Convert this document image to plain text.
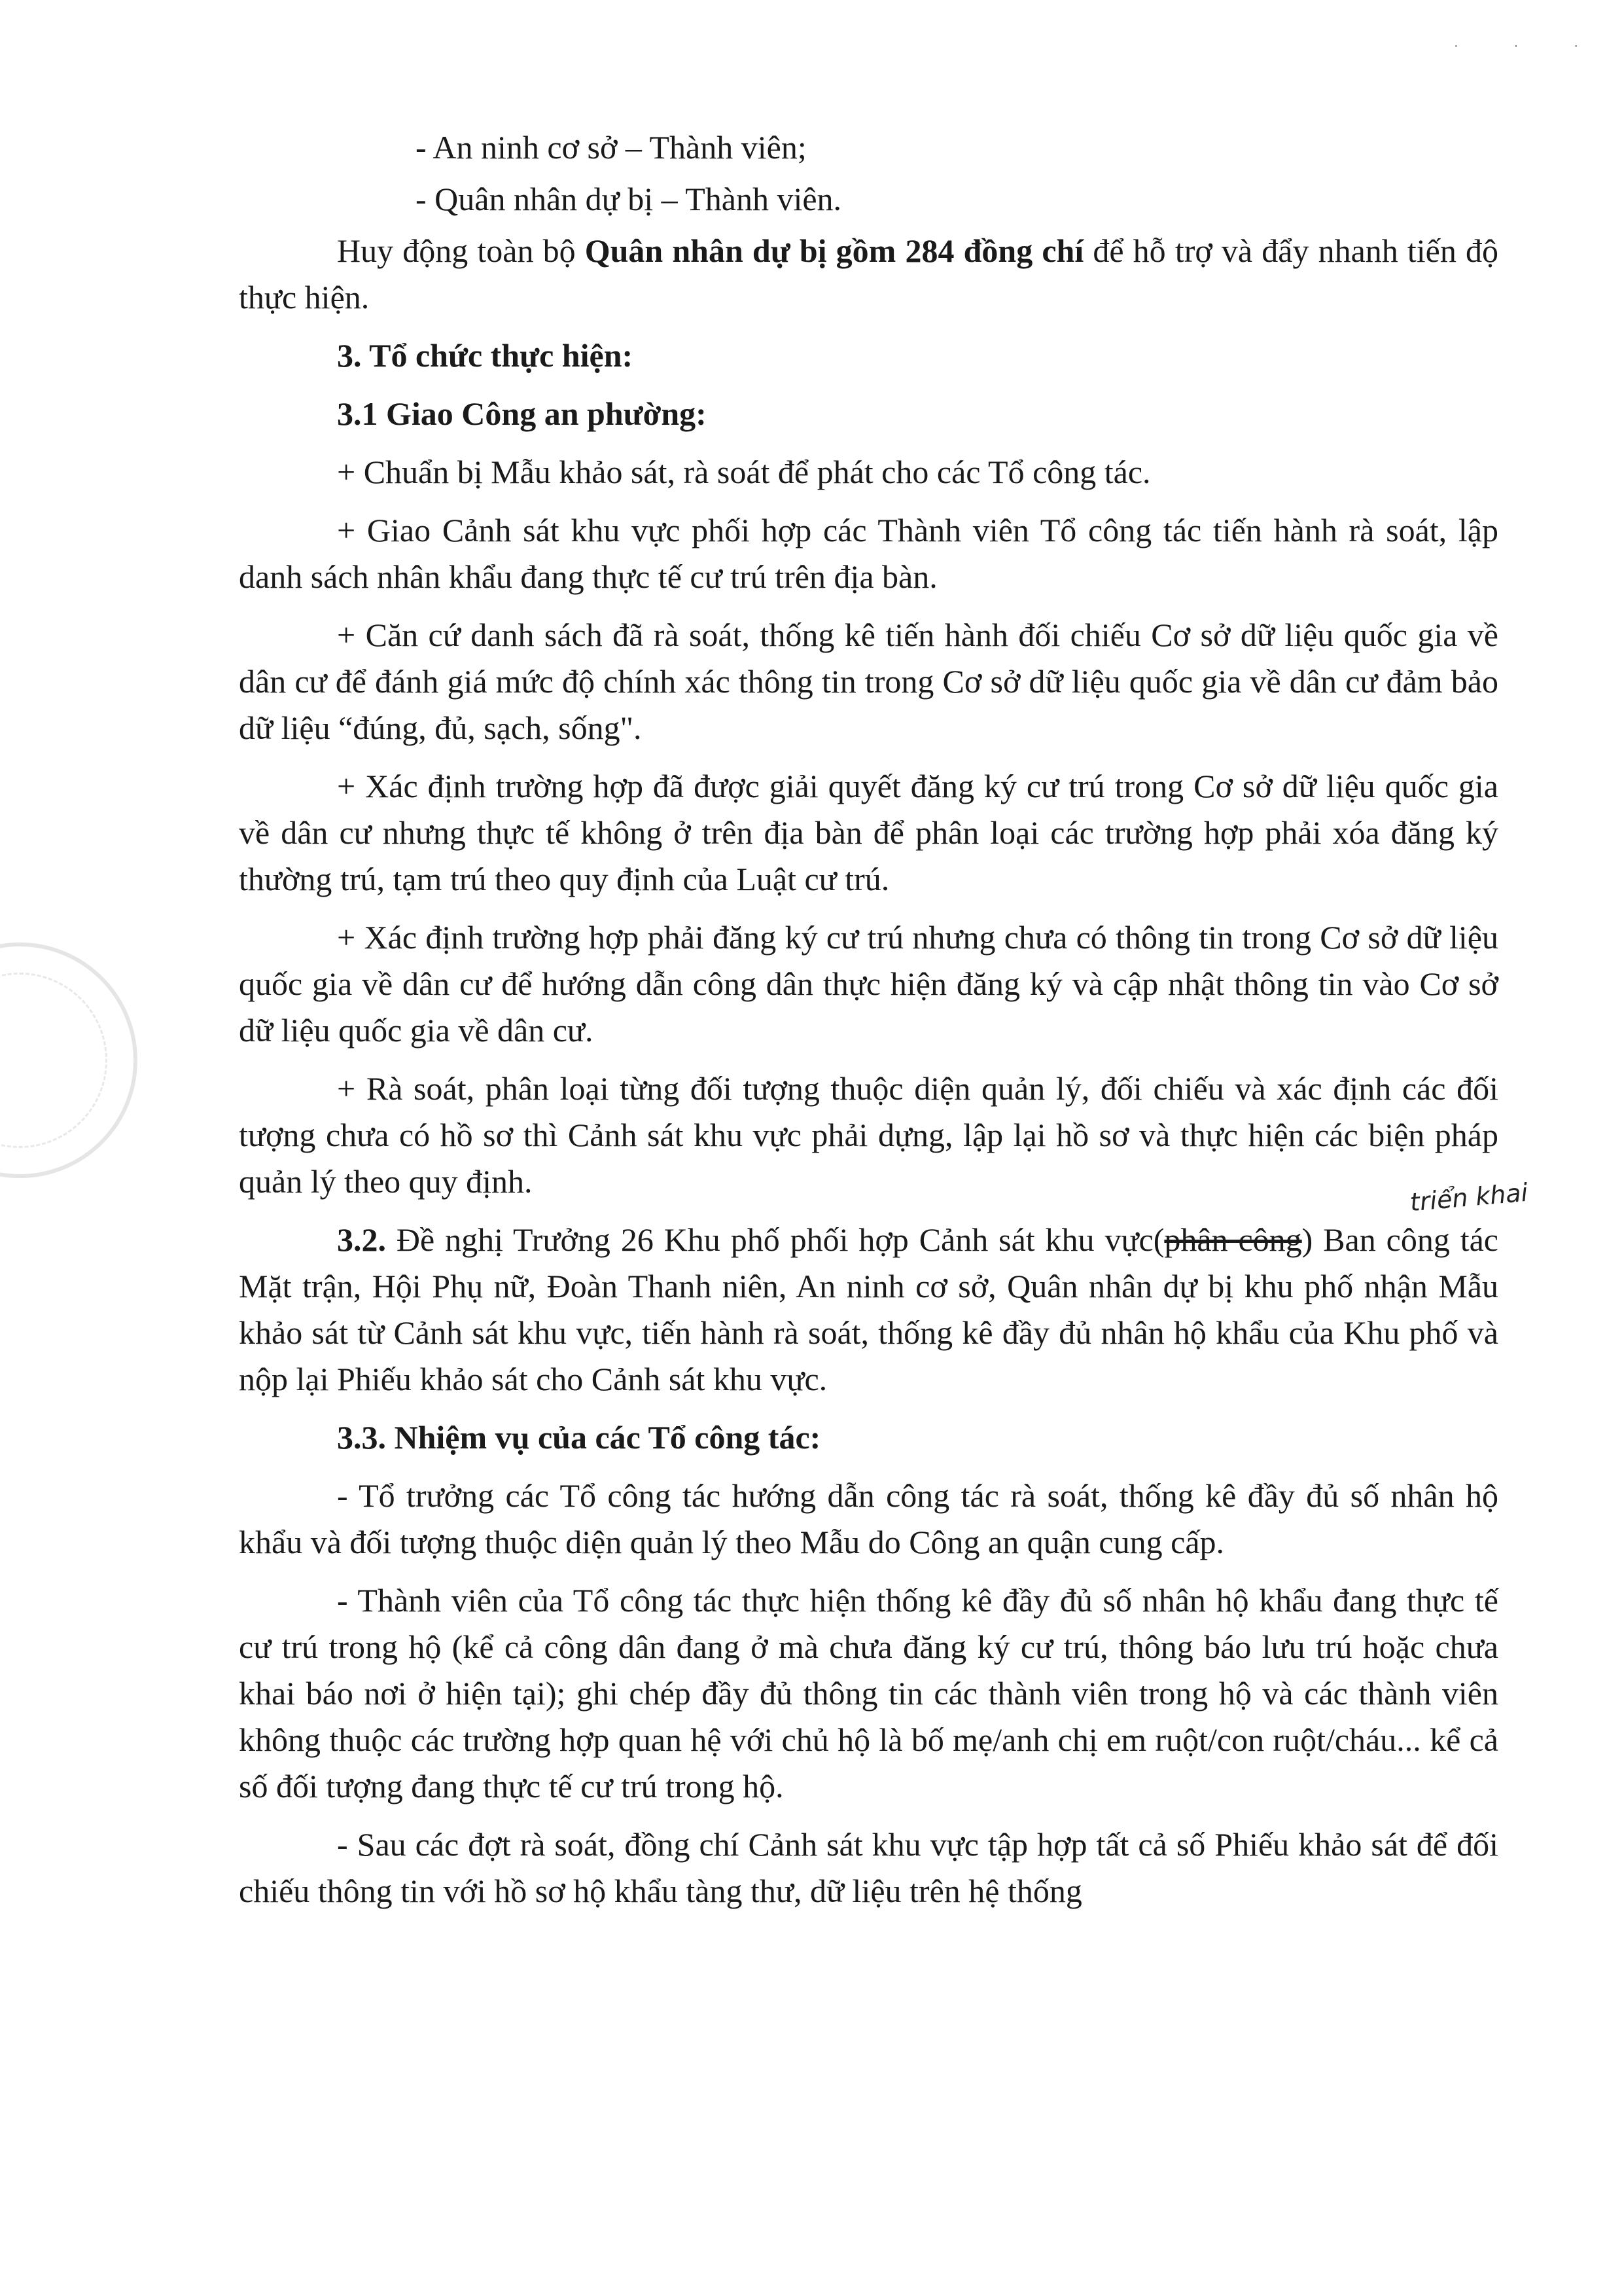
· · ·

- An ninh cơ sở – Thành viên;

- Quân nhân dự bị – Thành viên.

Huy động toàn bộ Quân nhân dự bị gồm 284 đồng chí để hỗ trợ và đẩy nhanh tiến độ thực hiện.

3. Tổ chức thực hiện:

3.1 Giao Công an phường:

+ Chuẩn bị Mẫu khảo sát, rà soát để phát cho các Tổ công tác.

+ Giao Cảnh sát khu vực phối hợp các Thành viên Tổ công tác tiến hành rà soát, lập danh sách nhân khẩu đang thực tế cư trú trên địa bàn.

+ Căn cứ danh sách đã rà soát, thống kê tiến hành đối chiếu Cơ sở dữ liệu quốc gia về dân cư để đánh giá mức độ chính xác thông tin trong Cơ sở dữ liệu quốc gia về dân cư đảm bảo dữ liệu “đúng, đủ, sạch, sống".

+ Xác định trường hợp đã được giải quyết đăng ký cư trú trong Cơ sở dữ liệu quốc gia về dân cư nhưng thực tế không ở trên địa bàn để phân loại các trường hợp phải xóa đăng ký thường trú, tạm trú theo quy định của Luật cư trú.

+ Xác định trường hợp phải đăng ký cư trú nhưng chưa có thông tin trong Cơ sở dữ liệu quốc gia về dân cư để hướng dẫn công dân thực hiện đăng ký và cập nhật thông tin vào Cơ sở dữ liệu quốc gia về dân cư.

+ Rà soát, phân loại từng đối tượng thuộc diện quản lý, đối chiếu và xác định các đối tượng chưa có hồ sơ thì Cảnh sát khu vực phải dựng, lập lại hồ sơ và thực hiện các biện pháp quản lý theo quy định.

3.2. Đề nghị Trưởng 26 Khu phố phối hợp Cảnh sát khu vực(phân công) Ban công tác Mặt trận, Hội Phụ nữ, Đoàn Thanh niên, An ninh cơ sở, Quân nhân dự bị khu phố nhận Mẫu khảo sát từ Cảnh sát khu vực, tiến hành rà soát, thống kê đầy đủ nhân hộ khẩu của Khu phố và nộp lại Phiếu khảo sát cho Cảnh sát khu vực.
triển khai

3.3. Nhiệm vụ của các Tổ công tác:

- Tổ trưởng các Tổ công tác hướng dẫn công tác rà soát, thống kê đầy đủ số nhân hộ khẩu và đối tượng thuộc diện quản lý theo Mẫu do Công an quận cung cấp.

- Thành viên của Tổ công tác thực hiện thống kê đầy đủ số nhân hộ khẩu đang thực tế cư trú trong hộ (kể cả công dân đang ở mà chưa đăng ký cư trú, thông báo lưu trú hoặc chưa khai báo nơi ở hiện tại); ghi chép đầy đủ thông tin các thành viên trong hộ và các thành viên không thuộc các trường hợp quan hệ với chủ hộ là bố mẹ/anh chị em ruột/con ruột/cháu... kể cả số đối tượng đang thực tế cư trú trong hộ.

- Sau các đợt rà soát, đồng chí Cảnh sát khu vực tập hợp tất cả số Phiếu khảo sát để đối chiếu thông tin với hồ sơ hộ khẩu tàng thư, dữ liệu trên hệ thống
